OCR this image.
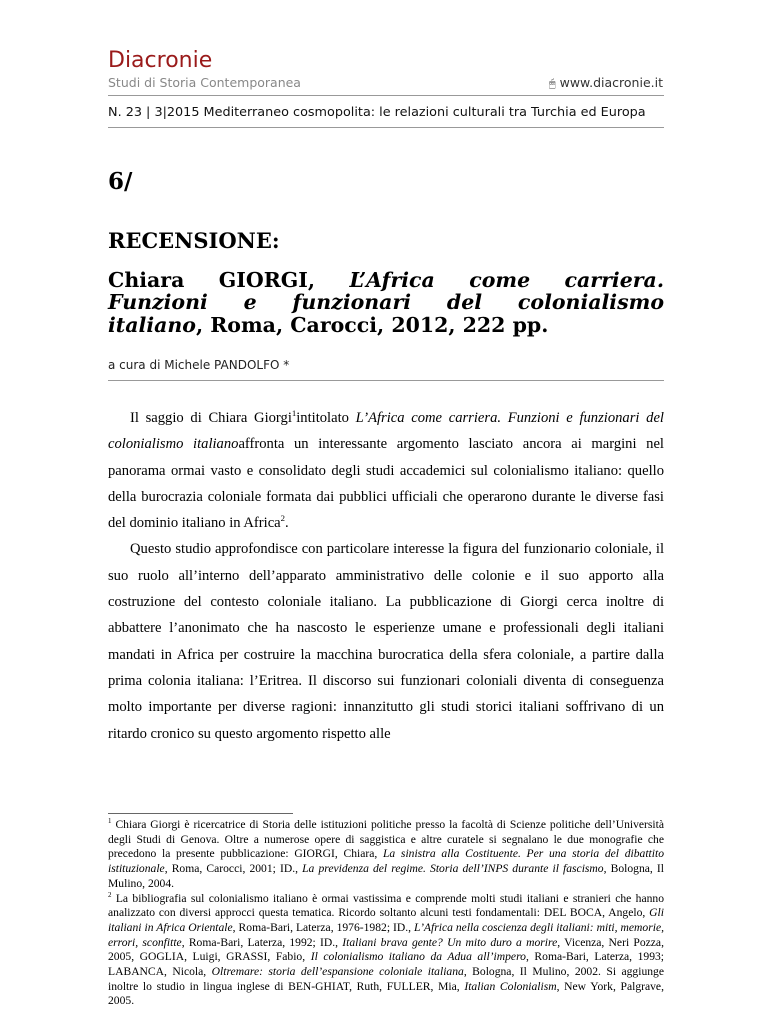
Diacronie
Studi di Storia Contemporanea	🖱︎ www.diacronie.it
N. 23 | 3|2015 Mediterraneo cosmopolita: le relazioni culturali tra Turchia ed Europa
6/
RECENSIONE:
Chiara GIORGI, L’Africa come carriera.
Funzioni e funzionari del colonialismo
a cura di Michele PANDOLFO *

Il saggio di Chiara Giorgi$^1$intitolato L’Africa come carriera. Funzioni e funzionari del colonialismo italianoaffronta un interessante argomento lasciato ancora ai margini nel panorama ormai vasto e consolidato degli studi accademici sul colonialismo italiano: quello della burocrazia coloniale formata dai pubblici ufficiali che operarono durante le diverse fasi del dominio italiano in Africa$^2$.

Questo studio approfondisce con particolare interesse la figura del funzionario coloniale, il suo ruolo all’interno dell’apparato amministrativo delle colonie e il suo apporto alla costruzione del contesto coloniale italiano. La pubblicazione di Giorgi cerca inoltre di abbattere l’anonimato che ha nascosto le esperienze umane e professionali degli italiani mandati in Africa per costruire la macchina burocratica della sfera coloniale, a partire dalla prima colonia italiana: l’Eritrea. Il discorso sui funzionari coloniali diventa di conseguenza molto importante per diverse ragioni: innanzitutto gli studi storici italiani soffrivano di un ritardo cronico su questo argomento rispetto alle

$^1$ Chiara Giorgi è ricercatrice di Storia delle istituzioni politiche presso la facoltà di Scienze politiche dell’Università degli Studi di Genova. Oltre a numerose opere di saggistica e altre curatele si segnalano le due monografie che precedono la presente pubblicazione: GIORGI, Chiara, La sinistra alla Costituente. Per una storia del dibattito istituzionale, Roma, Carocci, 2001; ID., La previdenza del regime. Storia dell’INPS durante il fascismo, Bologna, Il Mulino, 2004.

$^2$ La bibliografia sul colonialismo italiano è ormai vastissima e comprende molti studi italiani e stranieri che hanno analizzato con diversi approcci questa tematica. Ricordo soltanto alcuni testi fondamentali: DEL BOCA, Angelo, Gli italiani in Africa Orientale, Roma-Bari, Laterza, 1976-1982; ID., L’Africa nella coscienza degli italiani: miti, memorie, errori, sconfitte, Roma-Bari, Laterza, 1992; ID., Italiani brava gente? Un mito duro a morire, Vicenza, Neri Pozza, 2005, GOGLIA, Luigi, GRASSI, Fabio, Il colonialismo italiano da Adua all’impero, Roma-Bari, Laterza, 1993; LABANCA, Nicola, Oltremare: storia dell’espansione coloniale italiana, Bologna, Il Mulino, 2002. Si aggiunge inoltre lo studio in lingua inglese di BEN-GHIAT, Ruth, FULLER, Mia, Italian Colonialism, New York, Palgrave, 2005.

italiano, Roma, Carocci, 2012, 222 pp.
